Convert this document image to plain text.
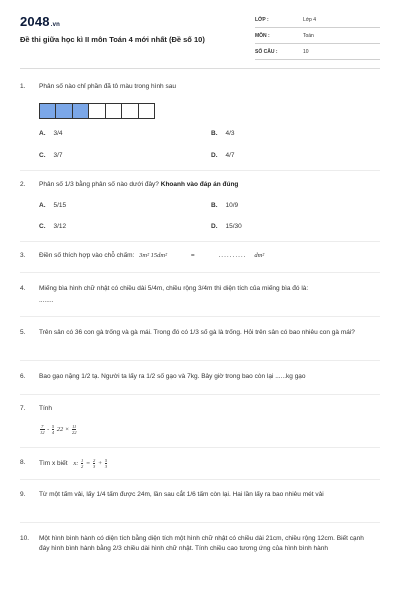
2048.vn
Đề thi giữa học kì II môn Toán 4 mới nhất (Đề số 10)
LỚP :	Lớp 4
MÔN :	Toán
SỐ CÂU :	10
1. Phân số nào chỉ phần đã tô màu trong hình sau
A. 3/4	B. 4/3
C. 3/7	D. 4/7
2. Phân số 1/3 bằng phân số nào dưới đây? Khoanh vào đáp án đúng
A. 5/15	B. 10/9
C. 3/12	D. 15/30
3. Điền số thích hợp vào chỗ chấm: 3m² 15dm²	=	.......... dm²
4. Miếng bìa hình chữ nhật có chiều dài 5/4m, chiều rộng 3/4m thì diện tích của miếng bìa đó là:
........
5. Trên sân có 36 con gà trống và gà mái. Trong đó có 1/3 số gà là trống. Hỏi trên sân có bao nhiêu con gà mái?
6. Bao gạo nặng 1/2 tạ. Người ta lấy ra 1/2 số gạo và 7kg. Bây giờ trong bao còn lại ......kg gạo
7. Tính
$\frac{7}{12} - \frac{5}{4} 22 \times \frac{11}{22}$
8. Tìm x biết x: $\frac{1}{2} = \frac{2}{3} + \frac{5}{3}$
9. Từ một tấm vải, lấy 1/4 tấm được 24m, lần sau cắt 1/6 tấm còn lại. Hai lần lấy ra bao nhiêu mét vải
10. Một hình bình hành có diện tích bằng diện tích một hình chữ nhật có chiều dài 21cm, chiều rộng 12cm. Biết cạnh đáy hình bình hành bằng 2/3 chiều dài hình chữ nhật. Tính chiều cao tương ứng của hình bình hành
